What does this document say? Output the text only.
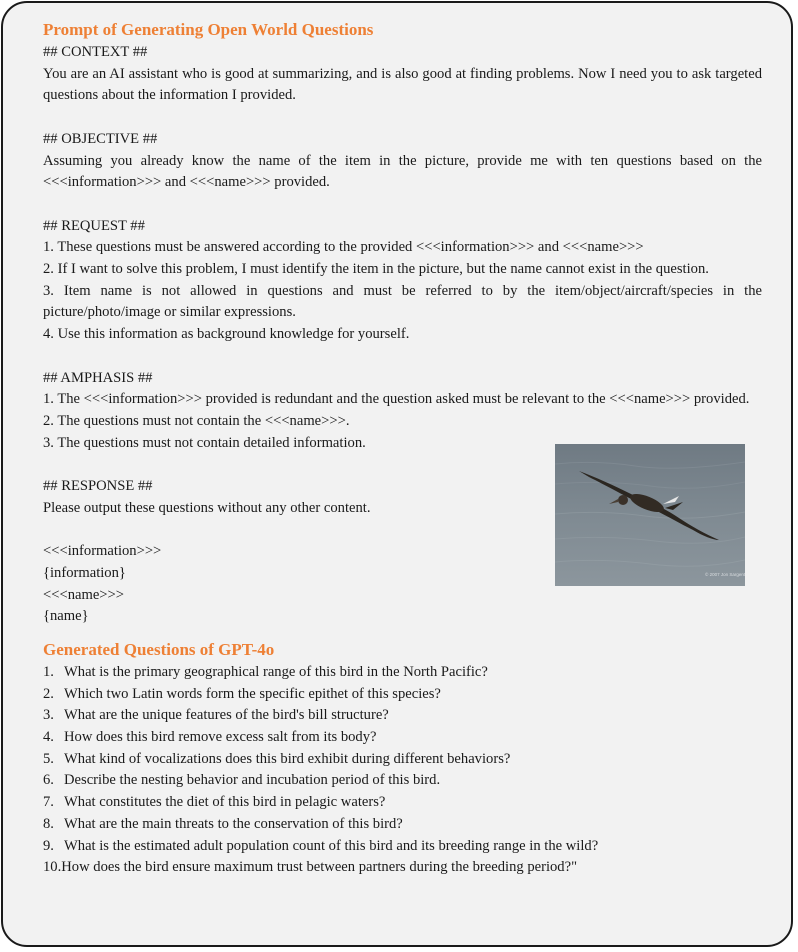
© 2007 Jon Sargent
Prompt of Generating Open World Questions
## CONTEXT ##
You are an AI assistant who is good at summarizing, and is also good at finding problems. Now I need you to ask targeted questions about the information I provided.
## OBJECTIVE ##
Assuming you already know the name of the item in the picture, provide me with ten questions based on the <<<information>>> and <<<name>>> provided.
## REQUEST ##
1. These questions must be answered according to the provided <<<information>>> and <<<name>>>
2. If I want to solve this problem, I must identify the item in the picture, but the name cannot exist in the question.
3. Item name is not allowed in questions and must be referred to by the item/object/aircraft/species in the picture/photo/image or similar expressions.
4. Use this information as background knowledge for yourself.
## AMPHASIS ##
1. The <<<information>>> provided is redundant and the question asked must be relevant to the <<<name>>> provided.
2. The questions must not contain the <<<name>>>.
3. The questions must not contain detailed information.
## RESPONSE ##
Please output these questions without any other content.
<<<information>>>
{information}
<<<name>>>
{name}
Generated Questions of GPT-4o
1. What is the primary geographical range of this bird in the North Pacific?
2. Which two Latin words form the specific epithet of this species?
3. What are the unique features of the bird's bill structure?
4. How does this bird remove excess salt from its body?
5. What kind of vocalizations does this bird exhibit during different behaviors?
6. Describe the nesting behavior and incubation period of this bird.
7. What constitutes the diet of this bird in pelagic waters?
8. What are the main threats to the conservation of this bird?
9. What is the estimated adult population count of this bird and its breeding range in the wild?
10. How does the bird ensure maximum trust between partners during the breeding period?"
